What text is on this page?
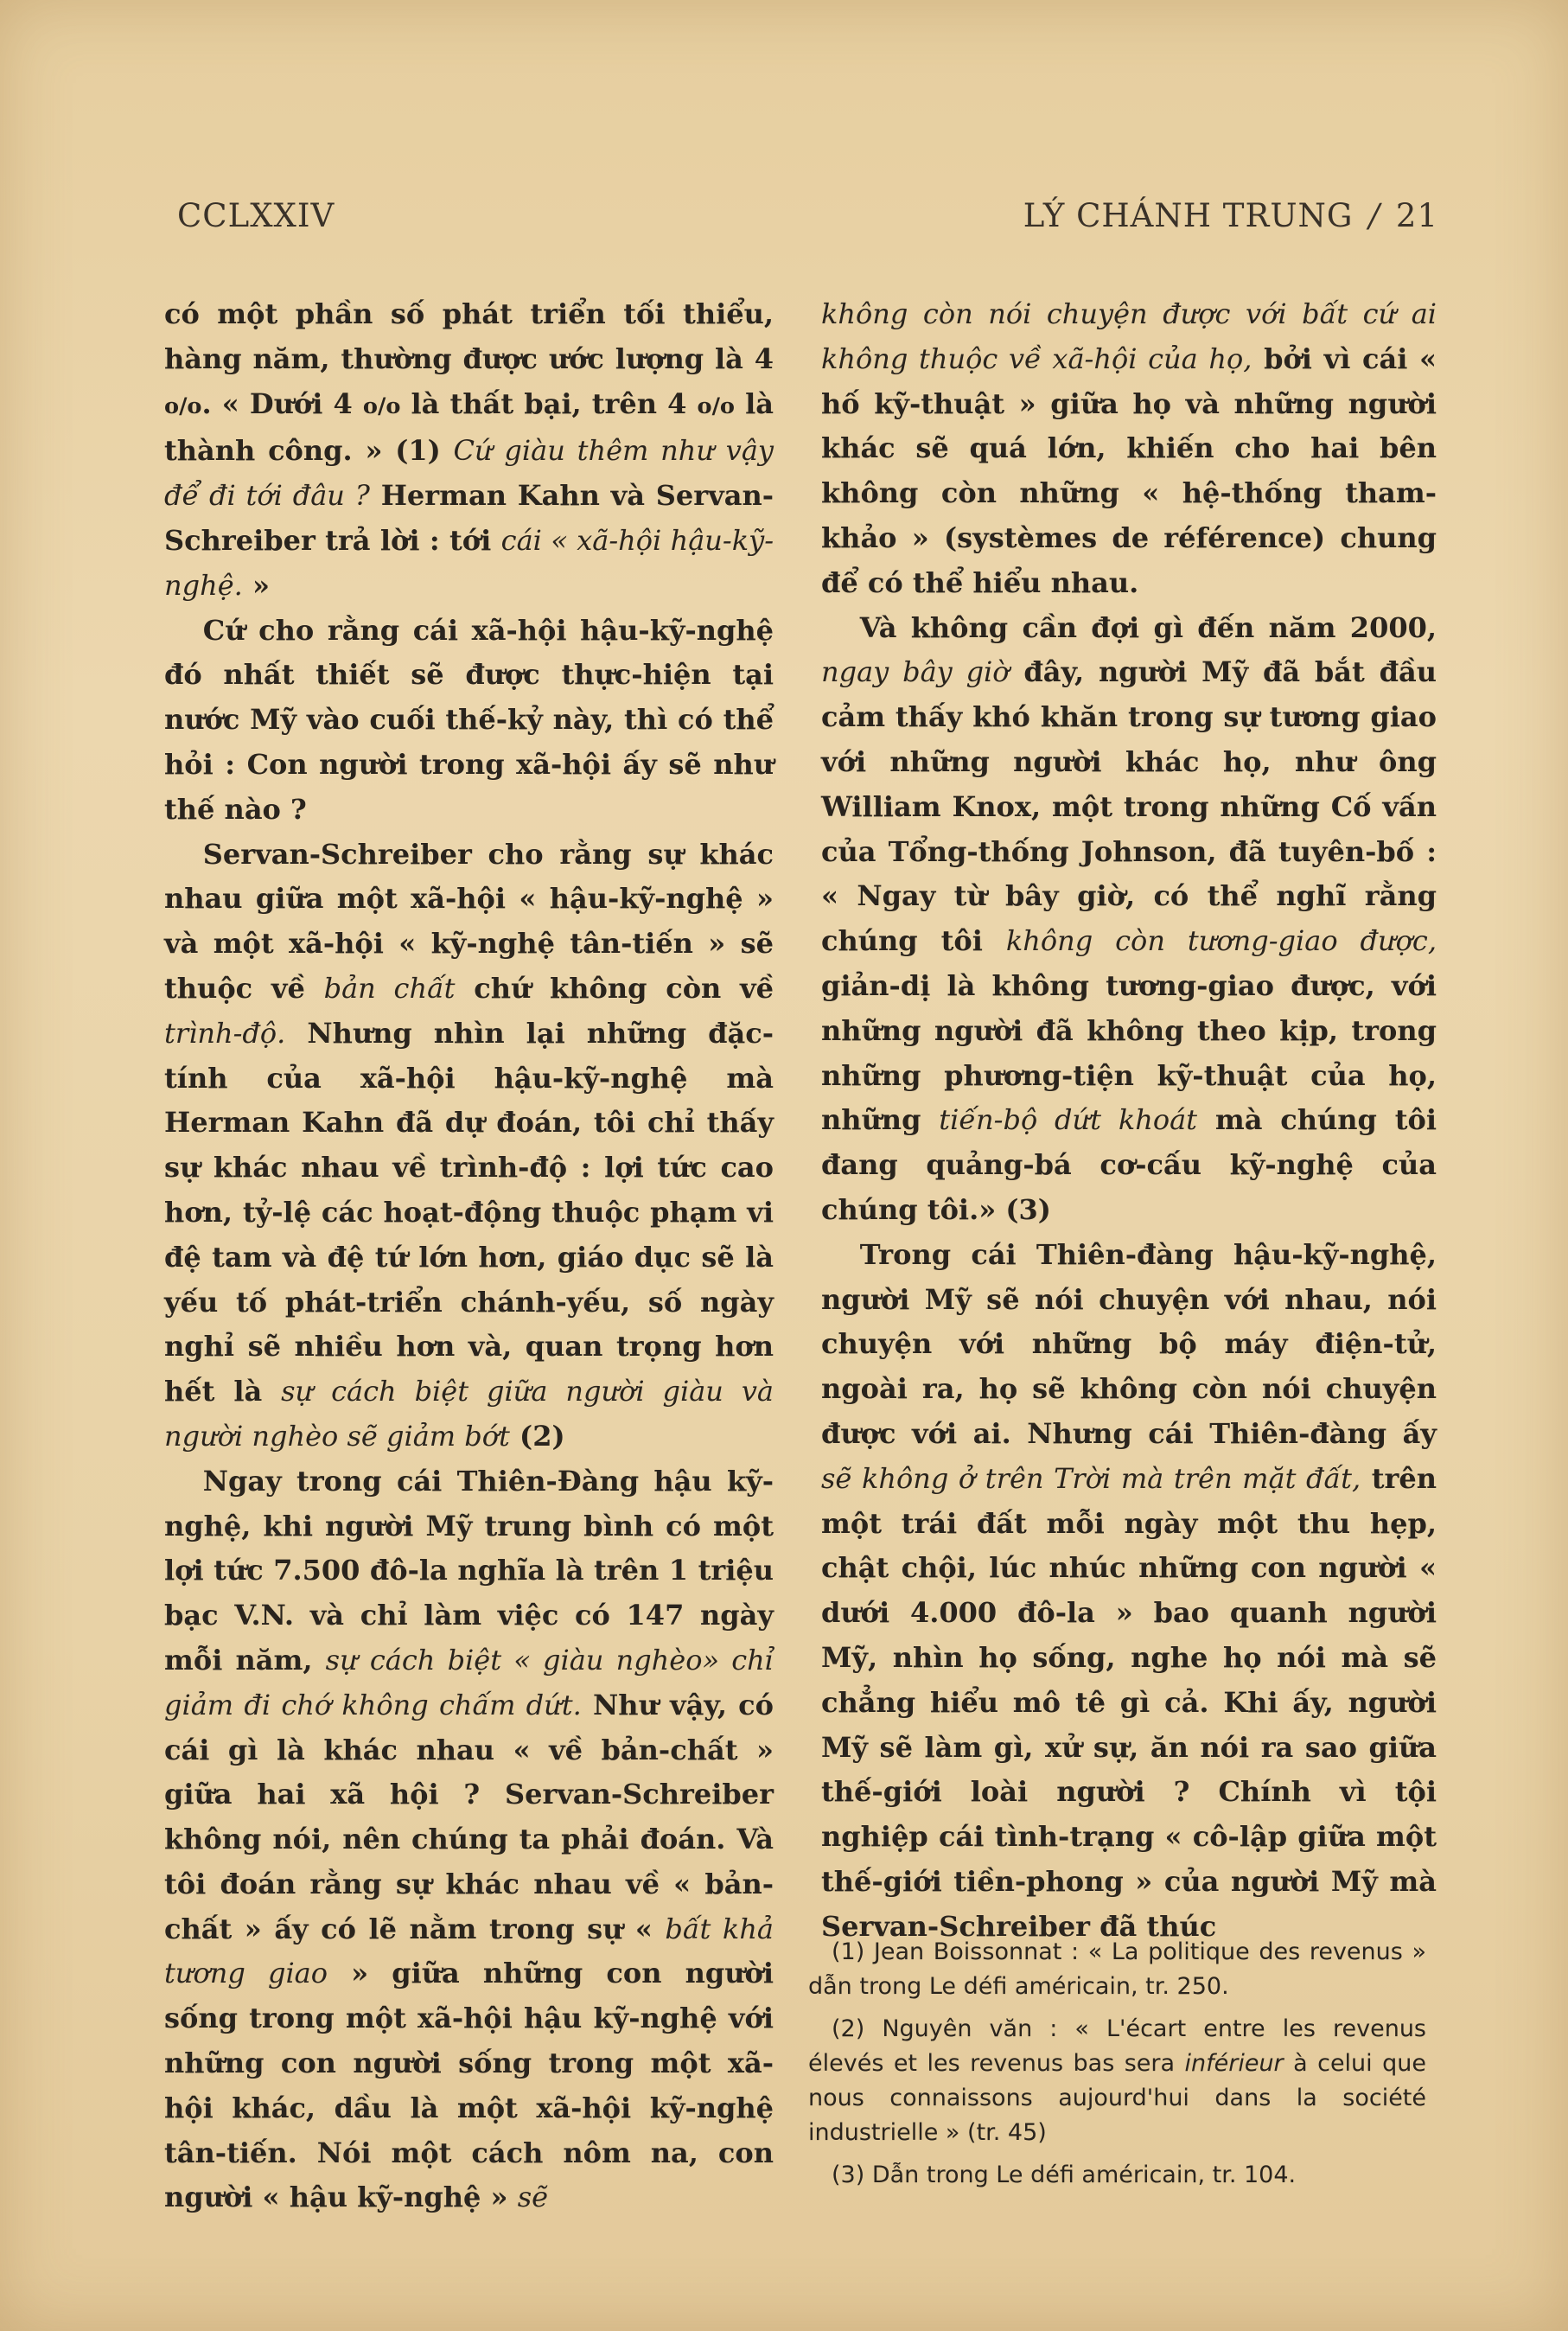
CCLXXIV	LÝ CHÁNH TRUNG / 21

có một phần số phát triển tối thiểu, hàng năm, thường được ước lượng là 4 o/o. « Dưới 4 o/o là thất bại, trên 4 o/o là thành công. » (1) Cứ giàu thêm như vậy để đi tới đâu ? Herman Kahn và Servan-Schreiber trả lời : tới cái « xã-hội hậu-kỹ-nghệ. »

Cứ cho rằng cái xã-hội hậu-kỹ-nghệ đó nhất thiết sẽ được thực-hiện tại nước Mỹ vào cuối thế-kỷ này, thì có thể hỏi : Con người trong xã-hội ấy sẽ như thế nào ?

Servan-Schreiber cho rằng sự khác nhau giữa một xã-hội « hậu-kỹ-nghệ » và một xã-hội « kỹ-nghệ tân-tiến » sẽ thuộc về bản chất chứ không còn về trình-độ. Nhưng nhìn lại những đặc-tính của xã-hội hậu-kỹ-nghệ mà Herman Kahn đã dự đoán, tôi chỉ thấy sự khác nhau về trình-độ : lợi tức cao hơn, tỷ-lệ các hoạt-động thuộc phạm vi đệ tam và đệ tứ lớn hơn, giáo dục sẽ là yếu tố phát-triển chánh-yếu, số ngày nghỉ sẽ nhiều hơn và, quan trọng hơn hết là sự cách biệt giữa người giàu và người nghèo sẽ giảm bớt (2)

Ngay trong cái Thiên-Đàng hậu kỹ-nghệ, khi người Mỹ trung bình có một lợi tức 7.500 đô-la nghĩa là trên 1 triệu bạc V.N. và chỉ làm việc có 147 ngày mỗi năm, sự cách biệt « giàu nghèo» chỉ giảm đi chớ không chấm dứt. Như vậy, có cái gì là khác nhau « về bản-chất » giữa hai xã hội ? Servan-Schreiber không nói, nên chúng ta phải đoán. Và tôi đoán rằng sự khác nhau về « bản-chất » ấy có lẽ nằm trong sự « bất khả tương giao » giữa những con người sống trong một xã-hội hậu kỹ-nghệ với những con người sống trong một xã-hội khác, dầu là một xã-hội kỹ-nghệ tân-tiến. Nói một cách nôm na, con người « hậu kỹ-nghệ » sẽ

không còn nói chuyện được với bất cứ ai không thuộc về xã-hội của họ, bởi vì cái « hố kỹ-thuật » giữa họ và những người khác sẽ quá lớn, khiến cho hai bên không còn những « hệ-thống tham-khảo » (systèmes de référence) chung để có thể hiểu nhau.

Và không cần đợi gì đến năm 2000, ngay bây giờ đây, người Mỹ đã bắt đầu cảm thấy khó khăn trong sự tương giao với những người khác họ, như ông William Knox, một trong những Cố vấn của Tổng-thống Johnson, đã tuyên-bố : « Ngay từ bây giờ, có thể nghĩ rằng chúng tôi không còn tương-giao được, giản-dị là không tương-giao được, với những người đã không theo kịp, trong những phương-tiện kỹ-thuật của họ, những tiến-bộ dứt khoát mà chúng tôi đang quảng-bá cơ-cấu kỹ-nghệ của chúng tôi.» (3)

Trong cái Thiên-đàng hậu-kỹ-nghệ, người Mỹ sẽ nói chuyện với nhau, nói chuyện với những bộ máy điện-tử, ngoài ra, họ sẽ không còn nói chuyện được với ai. Nhưng cái Thiên-đàng ấy sẽ không ở trên Trời mà trên mặt đất, trên một trái đất mỗi ngày một thu hẹp, chật chội, lúc nhúc những con người « dưới 4.000 đô-la » bao quanh người Mỹ, nhìn họ sống, nghe họ nói mà sẽ chẳng hiểu mô tê gì cả. Khi ấy, người Mỹ sẽ làm gì, xử sự, ăn nói ra sao giữa thế-giới loài người ? Chính vì tội nghiệp cái tình-trạng « cô-lập giữa một thế-giới tiền-phong » của người Mỹ mà Servan-Schreiber đã thúc

(1) Jean Boissonnat : « La politique des revenus » dẫn trong Le défi américain, tr. 250.

(2) Nguyên văn : « L'écart entre les revenus élevés et les revenus bas sera inférieur à celui que nous connaissons aujourd'hui dans la société industrielle » (tr. 45)

(3) Dẫn trong Le défi américain, tr. 104.
